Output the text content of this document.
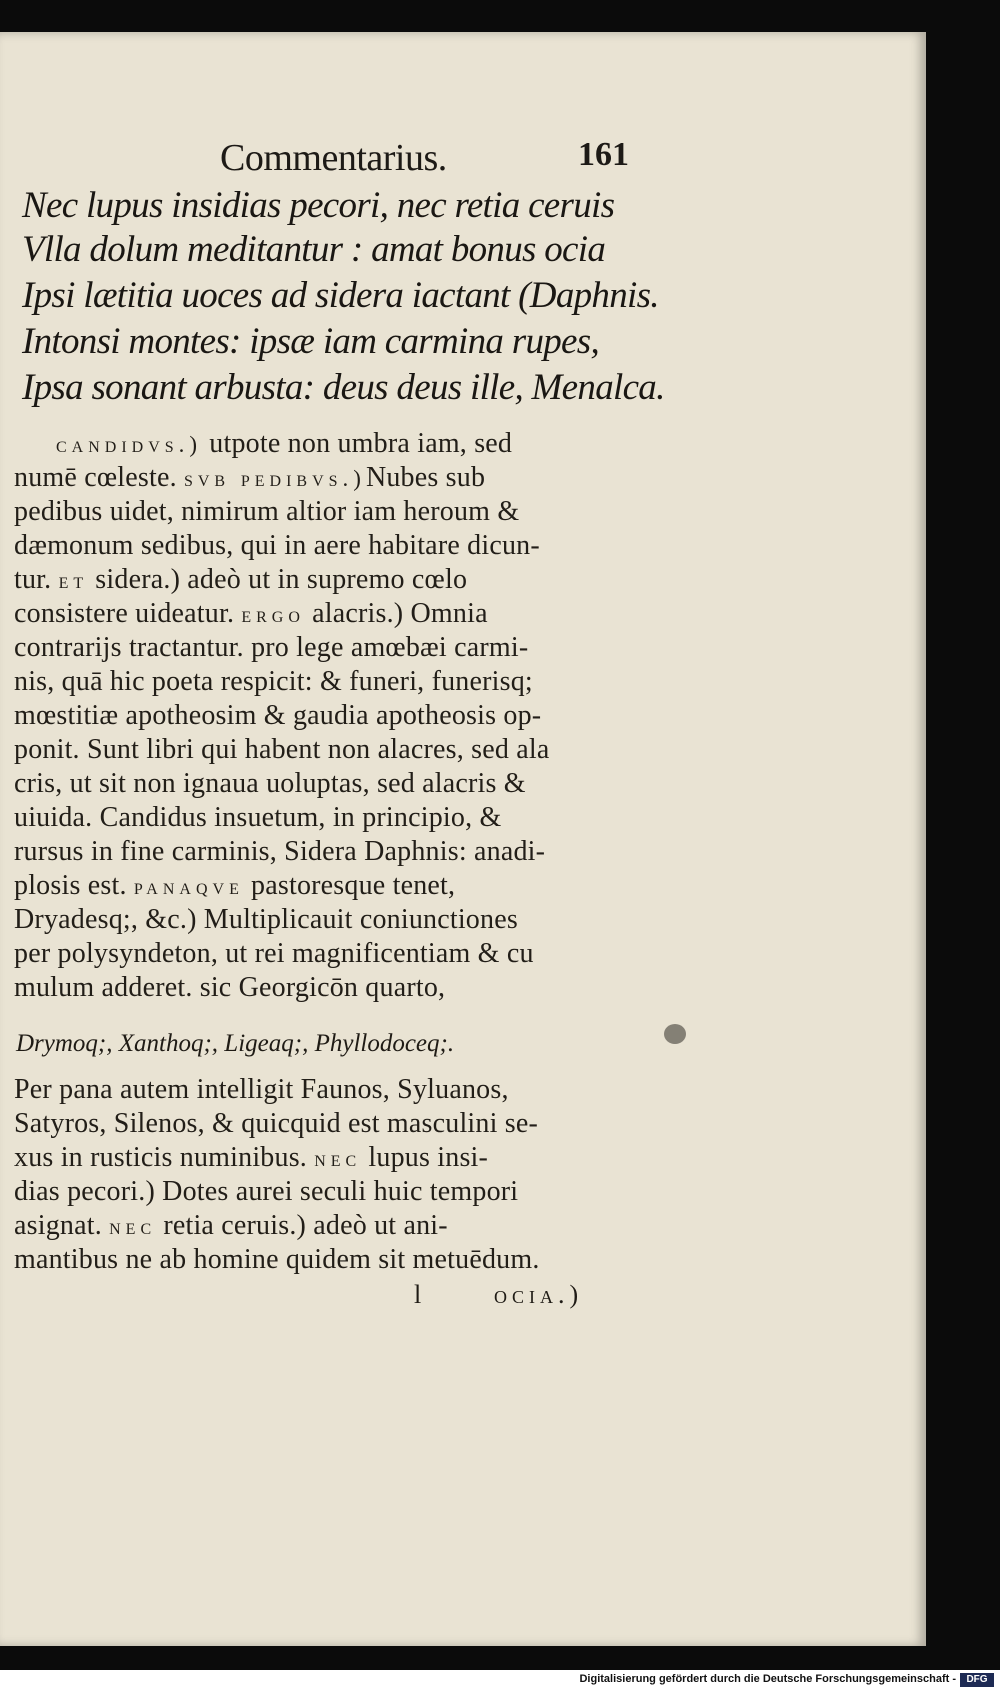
Commentarius.	161
Nec lupus insidias pecori, nec retia ceruis
Vlla dolum meditantur : amat bonus ocia
Ipsi lætitia uoces ad sidera iactant (Daphnis.
Intonsi montes: ipsæ iam carmina rupes,
Ipsa sonant arbusta: deus deus ille, Menalca.
candidvs.) utpote non umbra iam, sed
numē cœleste. svb pedibvs.)Nubes sub
pedibus uidet, nimirum altior iam heroum &
dæmonum sedibus, qui in aere habitare dicun-
tur. et sidera.) adeò ut in supremo cœlo
consistere uideatur. ergo alacris.) Omnia
contrarijs tractantur. pro lege amœbæi carmi-
nis, quā hic poeta respicit: & funeri, funerisq;
mœstitiæ apotheosim & gaudia apotheosis op-
ponit. Sunt libri qui habent non alacres, sed ala
cris, ut sit non ignaua uoluptas, sed alacris &
uiuida. Candidus insuetum, in principio, &
rursus in fine carminis, Sidera Daphnis: anadi-
plosis est. panaqve pastoresque tenet,
Dryadesq;, &c.) Multiplicauit coniunctiones
per polysyndeton, ut rei magnificentiam & cu
mulum adderet. sic Georgicōn quarto,
Drymoq;, Xanthoq;, Ligeaq;, Phyllodoceq;.
Per pana autem intelligit Faunos, Syluanos,
Satyros, Silenos, & quicquid est masculini se-
xus in rusticis numinibus. nec lupus insi-
dias pecori.) Dotes aurei seculi huic tempori
asignat. nec retia ceruis.) adeò ut ani-
mantibus ne ab homine quidem sit metuēdum.
l	ocia.)
Digitalisierung gefördert durch die Deutsche Forschungsgemeinschaft -	DFG
